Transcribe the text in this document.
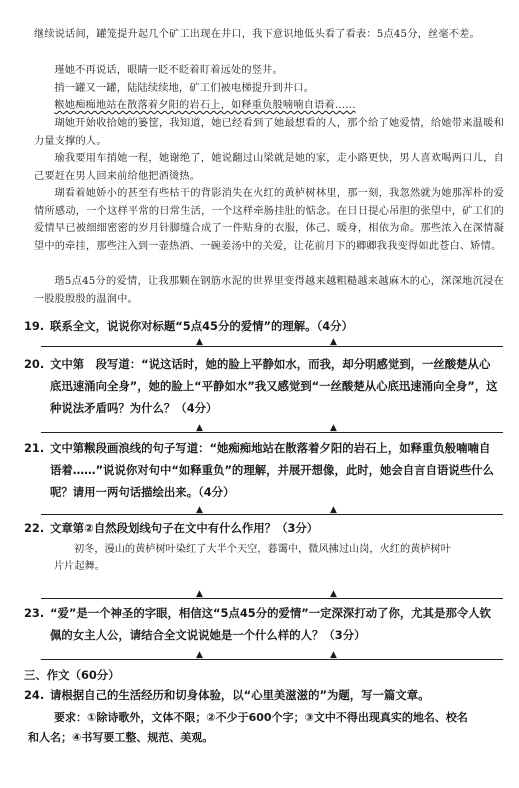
继续说话间，罐笼提升起几个矿工出现在井口，我下意识地低头看了看表：5点45分，丝毫不差。

瑾她不再说话，眼睛一眨不眨着盯着远处的竖井。

捎一罐又一罐，陆陆续续地，矿工们被电梯提升到井口。

糇她痴痴地站在散落着夕阳的岩石上，如释重负般喃喃自语着……

瑚她开始收拾她的篓筐，我知道，她已经看到了她最想看的人，那个给了她爱情，给她带来温暖和力量支撑的人。

瑜我要用车捎她一程，她谢绝了，她说翻过山梁就是她的家，走小路更快，男人喜欢喝两口儿，自己要赶在男人回来前给他把酒烫热。

瑚看着她娇小的甚至有些枯干的背影消失在火红的黄栌树林里，那一刻，我忽然就为她那浑朴的爱情所感动，一个这样平常的日常生活，一个这样牵肠挂肚的惦念。在日日提心吊胆的张望中，矿工们的爱情早已被细细密密的岁月针脚缝合成了一件贴身的衣服，体己、暖身，相依为命。那些浓入在深情凝望中的牵挂，那些注入到一壶热酒、一碗姜汤中的关爱，让花前月下的卿卿我我变得如此苍白、矫情。

瑎5点45分的爱情，让我那颗在钢筋水泥的世界里变得越来越粗糙越来越麻木的心，深深地沉浸在一股股殷殷的温润中。

19. 联系全文，说说你对标题“5点45分的爱情”的理解。（4分）

▲	▲

20. 文中第　段写道：“说这话时，她的脸上平静如水，而我，却分明感觉到，一丝酸楚从心

底迅速涌向全身”，她的脸上“平静如水”我又感觉到“一丝酸楚从心底迅速涌向全身”，这

种说法矛盾吗？为什么？（4分）

▲	▲

21. 文中第糇段画浪线的句子写道：“她痴痴地站在散落着夕阳的岩石上，如释重负般喃喃自

语着……”说说你对句中“如释重负”的理解，并展开想像，此时，她会自言自语说些什么

呢？请用一两句话描绘出来。（4分）

▲	▲

22. 文章第②自然段划线句子在文中有什么作用？（3分）

初冬，漫山的黄栌树叶染红了大半个天空，暮霭中，微风拂过山岗，火红的黄栌树叶

片片起舞。

▲	▲

23. “爱”是一个神圣的字眼，相信这“5点45分的爱情”一定深深打动了你，尤其是那令人钦

佩的女主人公，请结合全文说说她是一个什么样的人？（3分）

▲	▲
三、作文（60分）

24. 请根据自己的生活经历和切身体验，以“心里美滋滋的”为题，写一篇文章。

要求：①除诗歌外，文体不限；②不少于600个字；③文中不得出现真实的地名、校名

和人名；④书写要工整、规范、美观。
